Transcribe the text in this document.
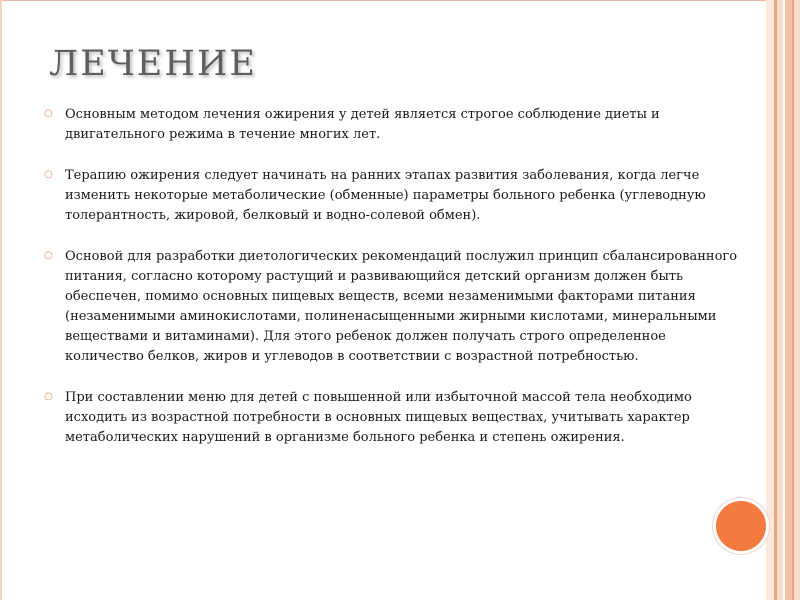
ЛЕЧЕНИЕ
○ Основным методом лечения ожирения у детей является строгое соблюдение диеты и двигательного режима в течение многих лет.
○ Терапию ожирения следует начинать на ранних этапах развития заболевания, когда легче изменить некоторые метаболические (обменные) параметры больного ребенка (углеводную толерантность, жировой, белковый и водно-солевой обмен).
○ Основой для разработки диетологических рекомендаций послужил принцип сбалансированного питания, согласно которому растущий и развивающийся детский организм должен быть обеспечен, помимо основных пищевых веществ, всеми незаменимыми факторами питания (незаменимыми аминокислотами, полиненасыщенными жирными кислотами, минеральными веществами и витаминами). Для этого ребенок должен получать строго определенное количество белков, жиров и углеводов в соответствии с возрастной потребностью.
○ При составлении меню для детей с повышенной или избыточной массой тела необходимо исходить из возрастной потребности в основных пищевых веществах, учитывать характер метаболических нарушений в организме больного ребенка и степень ожирения.
